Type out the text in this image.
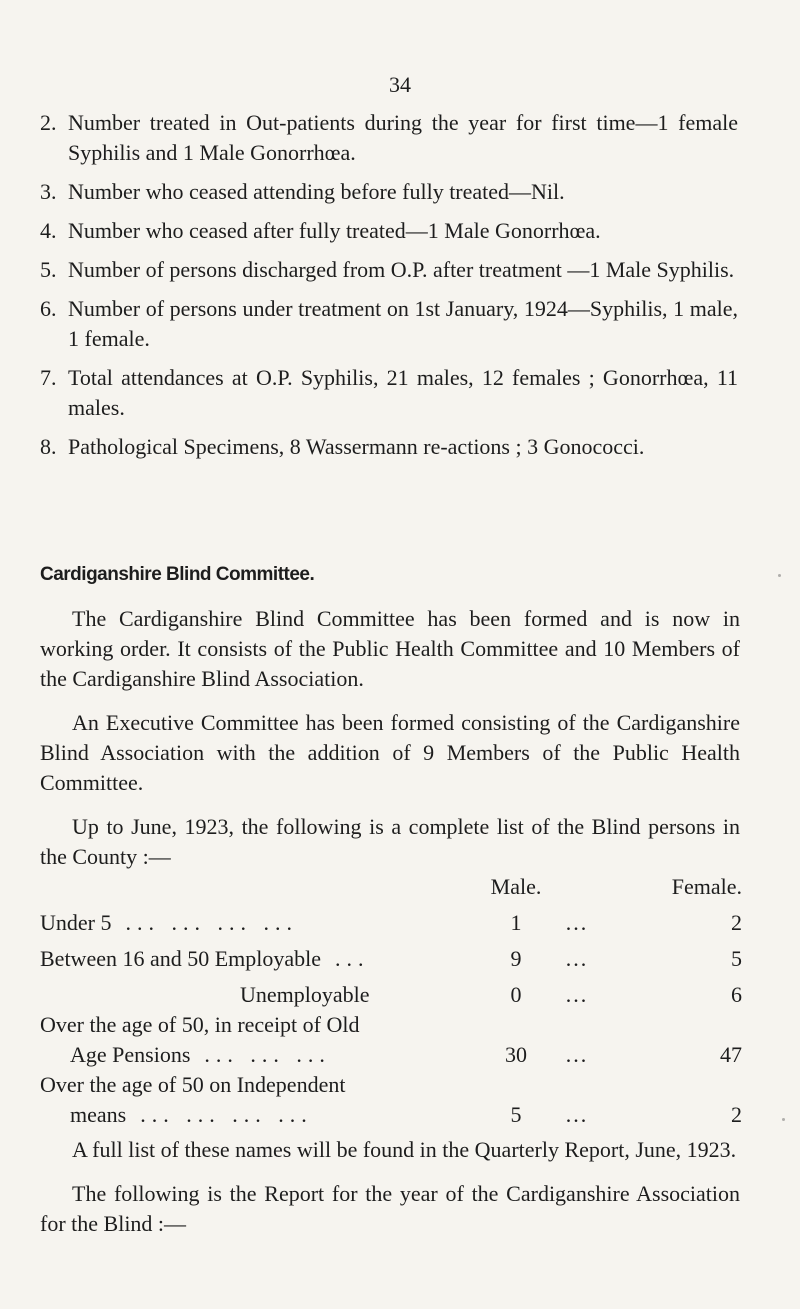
34
2. Number treated in Out-patients during the year for first time—1 female Syphilis and 1 Male Gonorrhœa.
3. Number who ceased attending before fully treated—Nil.
4. Number who ceased after fully treated—1 Male Gonorrhœa.
5. Number of persons discharged from O.P. after treatment —1 Male Syphilis.
6. Number of persons under treatment on 1st January, 1924—Syphilis, 1 male, 1 female.
7. Total attendances at O.P. Syphilis, 21 males, 12 females ; Gonorrhœa, 11 males.
8. Pathological Specimens, 8 Wassermann re-actions ; 3 Gonococci.
Cardiganshire Blind Committee.

The Cardiganshire Blind Committee has been formed and is now in working order. It consists of the Public Health Committee and 10 Members of the Cardiganshire Blind Association.

An Executive Committee has been formed consisting of the Cardiganshire Blind Association with the addition of 9 Members of the Public Health Committee.

Up to June, 1923, the following is a complete list of the Blind persons in the County :—

	Male.		Female.
Under 5 ... ... ... ...	1	...	2
Between 16 and 50 Employable ...	9	...	5
Unemployable	0	...	6
Over the age of 50, in receipt of Old
Age Pensions ... ... ...	30	...	47
Over the age of 50 on Independent
means ... ... ... ...	5	...	2

A full list of these names will be found in the Quarterly Report, June, 1923.

The following is the Report for the year of the Cardiganshire Association for the Blind :—
